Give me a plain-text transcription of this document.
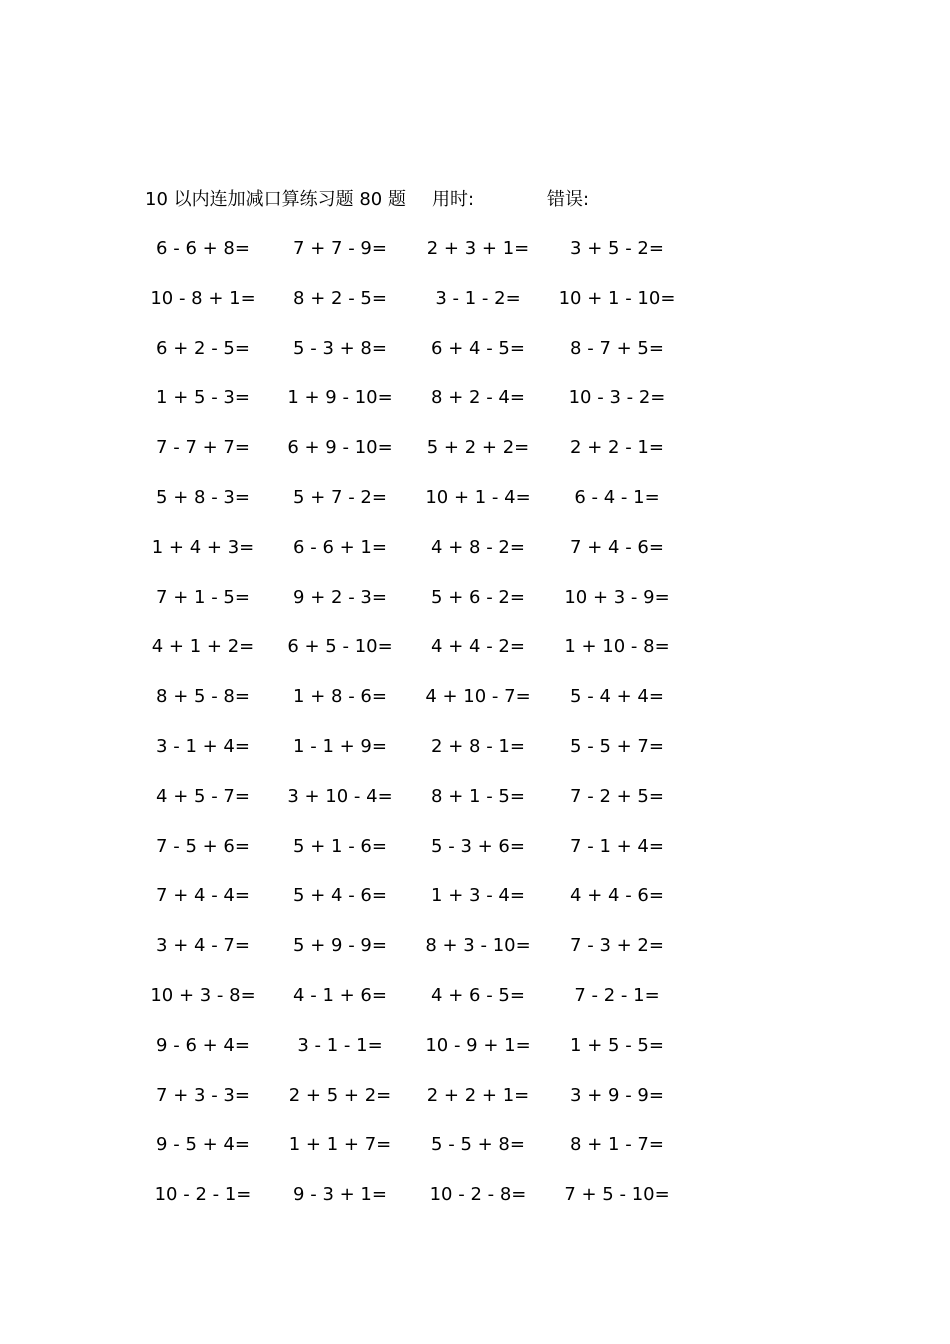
10 以内连加减口算练习题 80 题 用时:	错误:
6 - 6 + 8= 7 + 7 - 9= 2 + 3 + 1= 3 + 5 - 2=
10 - 8 + 1= 8 + 2 - 5=	3 - 1 - 2= 10 + 1 - 10=
6 + 2 - 5= 5 - 3 + 8= 6 + 4 - 5=	8 - 7 + 5=
1 + 5 - 3= 1 + 9 - 10= 8 + 2 - 4= 10 - 3 - 2=
7 - 7 + 7= 6 + 9 - 10= 5 + 2 + 2= 2 + 2 - 1=
5 + 8 - 3= 5 + 7 - 2= 10 + 1 - 4= 6 - 4 - 1=
1 + 4 + 3= 6 - 6 + 1= 4 + 8 - 2=	7 + 4 - 6=
7 + 1 - 5= 9 + 2 - 3= 5 + 6 - 2= 10 + 3 - 9=
4 + 1 + 2= 6 + 5 - 10= 4 + 4 - 2= 1 + 10 - 8=
8 + 5 - 8= 1 + 8 - 6= 4 + 10 - 7= 5 - 4 + 4=
3 - 1 + 4= 1 - 1 + 9= 2 + 8 - 1=	5 - 5 + 7=
4 + 5 - 7= 3 + 10 - 4= 8 + 1 - 5=	7 - 2 + 5=
7 - 5 + 6= 5 + 1 - 6= 5 - 3 + 6=	7 - 1 + 4=
7 + 4 - 4= 5 + 4 - 6= 1 + 3 - 4=	4 + 4 - 6=
3 + 4 - 7= 5 + 9 - 9= 8 + 3 - 10= 7 - 3 + 2=
10 + 3 - 8= 4 - 1 + 6= 4 + 6 - 5=	7 - 2 - 1=
9 - 6 + 4=	3 - 1 - 1= 10 - 9 + 1= 1 + 5 - 5=
7 + 3 - 3= 2 + 5 + 2= 2 + 2 + 1= 3 + 9 - 9=
9 - 5 + 4= 1 + 1 + 7= 5 - 5 + 8=	8 + 1 - 7=
10 - 2 - 1= 9 - 3 + 1= 10 - 2 - 8= 7 + 5 - 10=
